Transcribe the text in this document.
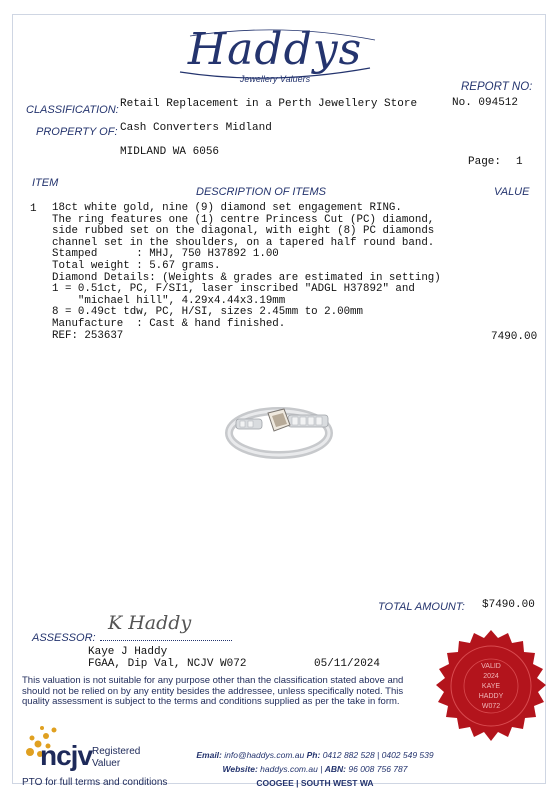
Haddys
Jewellery Valuers
REPORT NO:
No. 094512
CLASSIFICATION: Retail Replacement in a Perth Jewellery Store
PROPERTY OF: Cash Converters Midland
MIDLAND WA 6056
Page: 1
ITEM
DESCRIPTION OF ITEMS	VALUE
1 18ct white gold, nine (9) diamond set engagement RING.
The ring features one (1) centre Princess Cut (PC) diamond,
side rubbed set on the diagonal, with eight (8) PC diamonds
channel set in the shoulders, on a tapered half round band.
Stamped      : MHJ, 750 H37892 1.00
Total weight : 5.67 grams.
Diamond Details: (Weights & grades are estimated in setting)
1 = 0.51ct, PC, F/SI1, laser inscribed "ADGL H37892" and
"michael hill", 4.29x4.44x3.19mm
8 = 0.49ct tdw, PC, H/SI, sizes 2.45mm to 2.00mm
Manufacture  : Cast & hand finished.
REF: 253637	7490.00
TOTAL AMOUNT: $7490.00
ASSESSOR:
K Haddy
Kaye J Haddy
FGAA, Dip Val, NCJV W072	05/11/2024	VALID
2024
KAYE
HADDY
W072
This valuation is not suitable for any purpose other than the classification stated above and should not be relied on by any entity besides the addressee, unless specifically noted. This quality assessment is subject to the terms and conditions supplied as per the take in form.
ncjv Registered
Valuer
PTO for full terms and conditions
Email: info@haddys.com.au Ph: 0412 882 528 | 0402 549 539
Website: haddys.com.au | ABN: 96 008 756 787
COOGEE | SOUTH WEST WA
